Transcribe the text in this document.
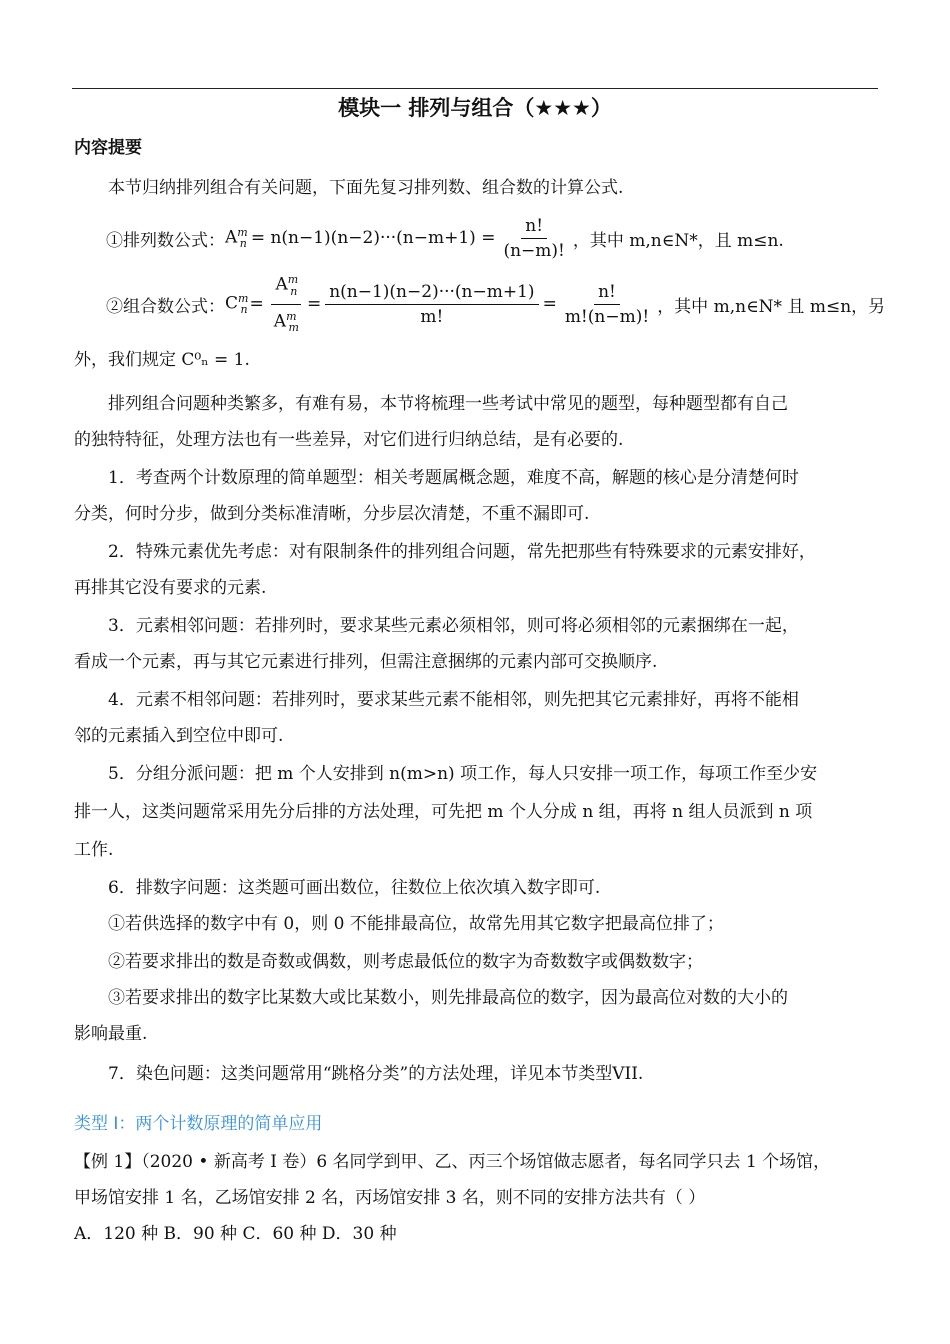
模块一 排列与组合（★★★）
内容提要
本节归纳排列组合有关问题，下面先复习排列数、组合数的计算公式.
①排列数公式： $A^m_n = n(n-1)(n-2)\cdot\cdot\cdot(n-m+1) = \frac{n!}{(n-m)!}$ ，其中 m,n∈N*，且 m≤n.
②组合数公式： $C^m_n = \frac{A^m_n}{A^m_m} = \frac{n(n-1)(n-2)\cdot\cdot\cdot(n-m+1)}{m!} = \frac{n!}{m!(n-m)!}$ ，其中 m,n∈N* 且 m≤n，另
外，我们规定 C⁰ₙ = 1.
排列组合问题种类繁多，有难有易，本节将梳理一些考试中常见的题型，每种题型都有自己
的独特特征，处理方法也有一些差异，对它们进行归纳总结，是有必要的.
1．考查两个计数原理的简单题型：相关考题属概念题，难度不高，解题的核心是分清楚何时
分类，何时分步，做到分类标准清晰，分步层次清楚，不重不漏即可.
2．特殊元素优先考虑：对有限制条件的排列组合问题，常先把那些有特殊要求的元素安排好，
再排其它没有要求的元素.
3．元素相邻问题：若排列时，要求某些元素必须相邻，则可将必须相邻的元素捆绑在一起，
看成一个元素，再与其它元素进行排列，但需注意捆绑的元素内部可交换顺序.
4．元素不相邻问题：若排列时，要求某些元素不能相邻，则先把其它元素排好，再将不能相
邻的元素插入到空位中即可.
5．分组分派问题：把 m 个人安排到 n(m>n) 项工作，每人只安排一项工作，每项工作至少安
排一人，这类问题常采用先分后排的方法处理，可先把 m 个人分成 n 组，再将 n 组人员派到 n 项
工作.
6．排数字问题：这类题可画出数位，往数位上依次填入数字即可.
①若供选择的数字中有 0，则 0 不能排最高位，故常先用其它数字把最高位排了；
②若要求排出的数是奇数或偶数，则考虑最低位的数字为奇数数字或偶数数字；
③若要求排出的数字比某数大或比某数小，则先排最高位的数字，因为最高位对数的大小的
影响最重.
7．染色问题：这类问题常用“跳格分类”的方法处理，详见本节类型VII.
类型 I：两个计数原理的简单应用
【例 1】（2020 • 新高考 I 卷）6 名同学到甲、乙、丙三个场馆做志愿者，每名同学只去 1 个场馆，
甲场馆安排 1 名，乙场馆安排 2 名，丙场馆安排 3 名，则不同的安排方法共有（ ）
A．120 种 B．90 种 C．60 种 D．30 种
